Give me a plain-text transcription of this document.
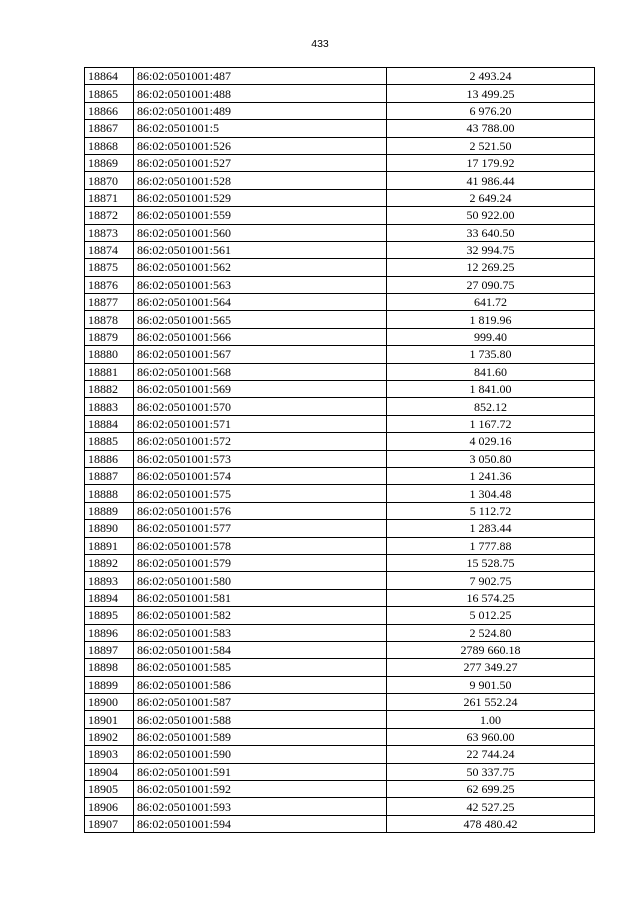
433
18864	86:02:0501001:487	2 493.24
18865	86:02:0501001:488	13 499.25
18866	86:02:0501001:489	6 976.20
18867	86:02:0501001:5	43 788.00
18868	86:02:0501001:526	2 521.50
18869	86:02:0501001:527	17 179.92
18870	86:02:0501001:528	41 986.44
18871	86:02:0501001:529	2 649.24
18872	86:02:0501001:559	50 922.00
18873	86:02:0501001:560	33 640.50
18874	86:02:0501001:561	32 994.75
18875	86:02:0501001:562	12 269.25
18876	86:02:0501001:563	27 090.75
18877	86:02:0501001:564	641.72
18878	86:02:0501001:565	1 819.96
18879	86:02:0501001:566	999.40
18880	86:02:0501001:567	1 735.80
18881	86:02:0501001:568	841.60
18882	86:02:0501001:569	1 841.00
18883	86:02:0501001:570	852.12
18884	86:02:0501001:571	1 167.72
18885	86:02:0501001:572	4 029.16
18886	86:02:0501001:573	3 050.80
18887	86:02:0501001:574	1 241.36
18888	86:02:0501001:575	1 304.48
18889	86:02:0501001:576	5 112.72
18890	86:02:0501001:577	1 283.44
18891	86:02:0501001:578	1 777.88
18892	86:02:0501001:579	15 528.75
18893	86:02:0501001:580	7 902.75
18894	86:02:0501001:581	16 574.25
18895	86:02:0501001:582	5 012.25
18896	86:02:0501001:583	2 524.80
18897	86:02:0501001:584	2789 660.18
18898	86:02:0501001:585	277 349.27
18899	86:02:0501001:586	9 901.50
18900	86:02:0501001:587	261 552.24
18901	86:02:0501001:588	1.00
18902	86:02:0501001:589	63 960.00
18903	86:02:0501001:590	22 744.24
18904	86:02:0501001:591	50 337.75
18905	86:02:0501001:592	62 699.25
18906	86:02:0501001:593	42 527.25
18907	86:02:0501001:594	478 480.42
